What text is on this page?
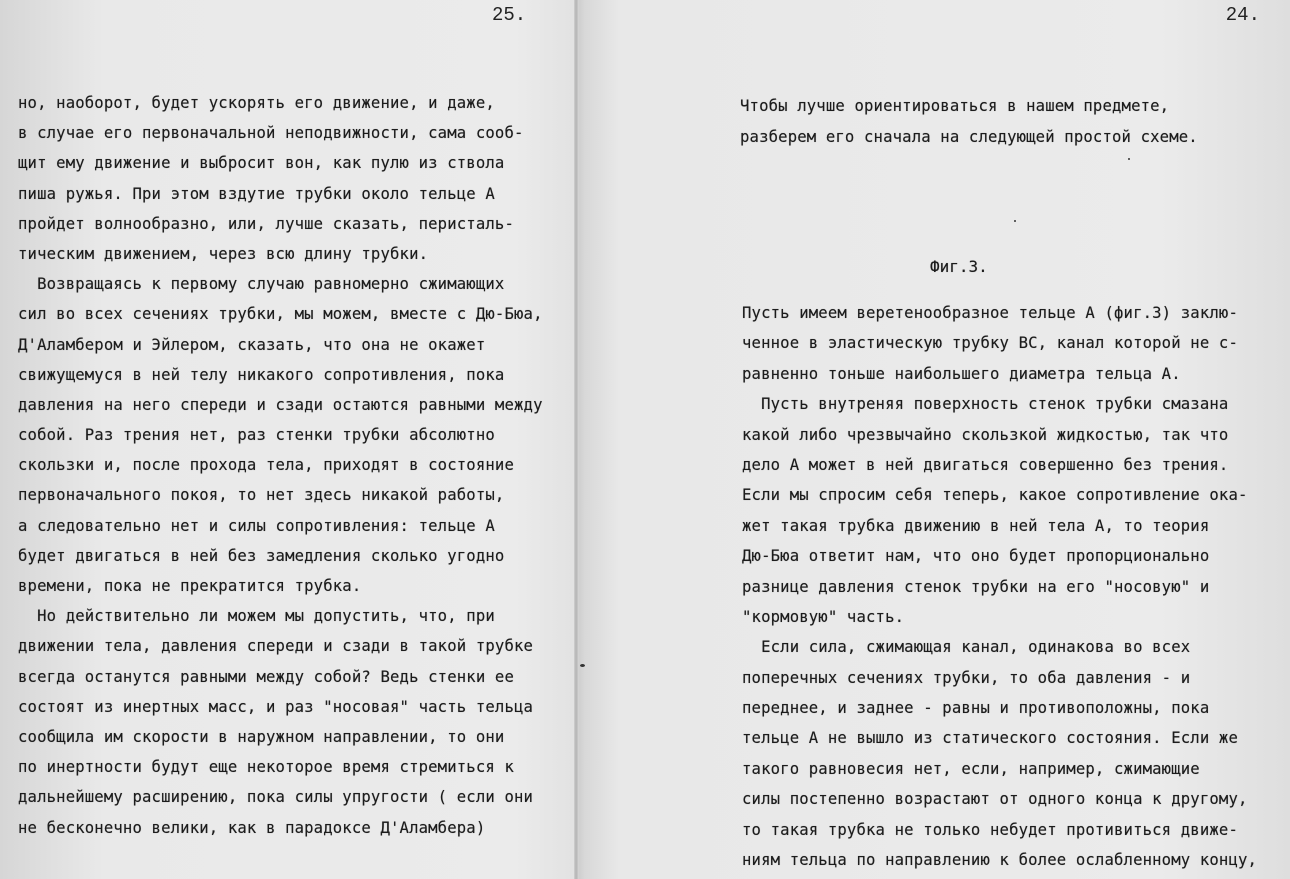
25.
но, наоборот, будет ускорять его движение, и даже,
в случае его первоначальной неподвижности, сама сооб-
щит ему движение и выбросит вон, как пулю из ствола
пиша ружья. При этом вздутие трубки около тельце А
пройдет волнообразно, или, лучше сказать, перисталь-
тическим движением, через всю длину трубки.
Возвращаясь к первому случаю равномерно сжимающих
сил во всех сечениях трубки, мы можем, вместе с Дю-Бюа,
Д'Аламбером и Эйлером, сказать, что она не окажет
свижущемуся в ней телу никакого сопротивления, пока
давления на него спереди и сзади остаются равными между
собой. Раз трения нет, раз стенки трубки абсолютно
скользки и, после прохода тела, приходят в состояние
первоначального покоя, то нет здесь никакой работы,
а следовательно нет и силы сопротивления: тельце А
будет двигаться в ней без замедления сколько угодно
времени, пока не прекратится трубка.
Но действительно ли можем мы допустить, что, при
движении тела, давления спереди и сзади в такой трубке
всегда останутся равными между собой? Ведь стенки ее
состоят из инертных масс, и раз "носовая" часть тельца
сообщила им скорости в наружном направлении, то они
по инертности будут еще некоторое время стремиться к
дальнейшему расширению, пока силы упругости ( если они
не бесконечно велики, как в парадоксе Д'Аламбера)
24.
Чтобы лучше ориентироваться в нашем предмете,
разберем его сначала на следующей простой схеме.
Фиг.3.
Пусть имеем веретенообразное тельце А (фиг.3) заклю-
ченное в эластическую трубку ВС, канал которой не с-
равненно тоньше наибольшего диаметра тельца А.
Пусть внутреняя поверхность стенок трубки смазана
какой либо чрезвычайно скользкой жидкостью, так что
дело А может в ней двигаться совершенно без трения.
Если мы спросим себя теперь, какое сопротивление ока-
жет такая трубка движению в ней тела А, то теория
Дю-Бюа ответит нам, что оно будет пропорционально
разнице давления стенок трубки на его "носовую" и
"кормовую" часть.
Если сила, сжимающая канал, одинакова во всех
поперечных сечениях трубки, то оба давления - и
переднее, и заднее - равны и противоположны, пока
тельце А не вышло из статического состояния. Если же
такого равновесия нет, если, например, сжимающие
силы постепенно возрастают от одного конца к другому,
то такая трубка не только небудет противиться движе-
ниям тельца по направлению к более ослабленному концу,
